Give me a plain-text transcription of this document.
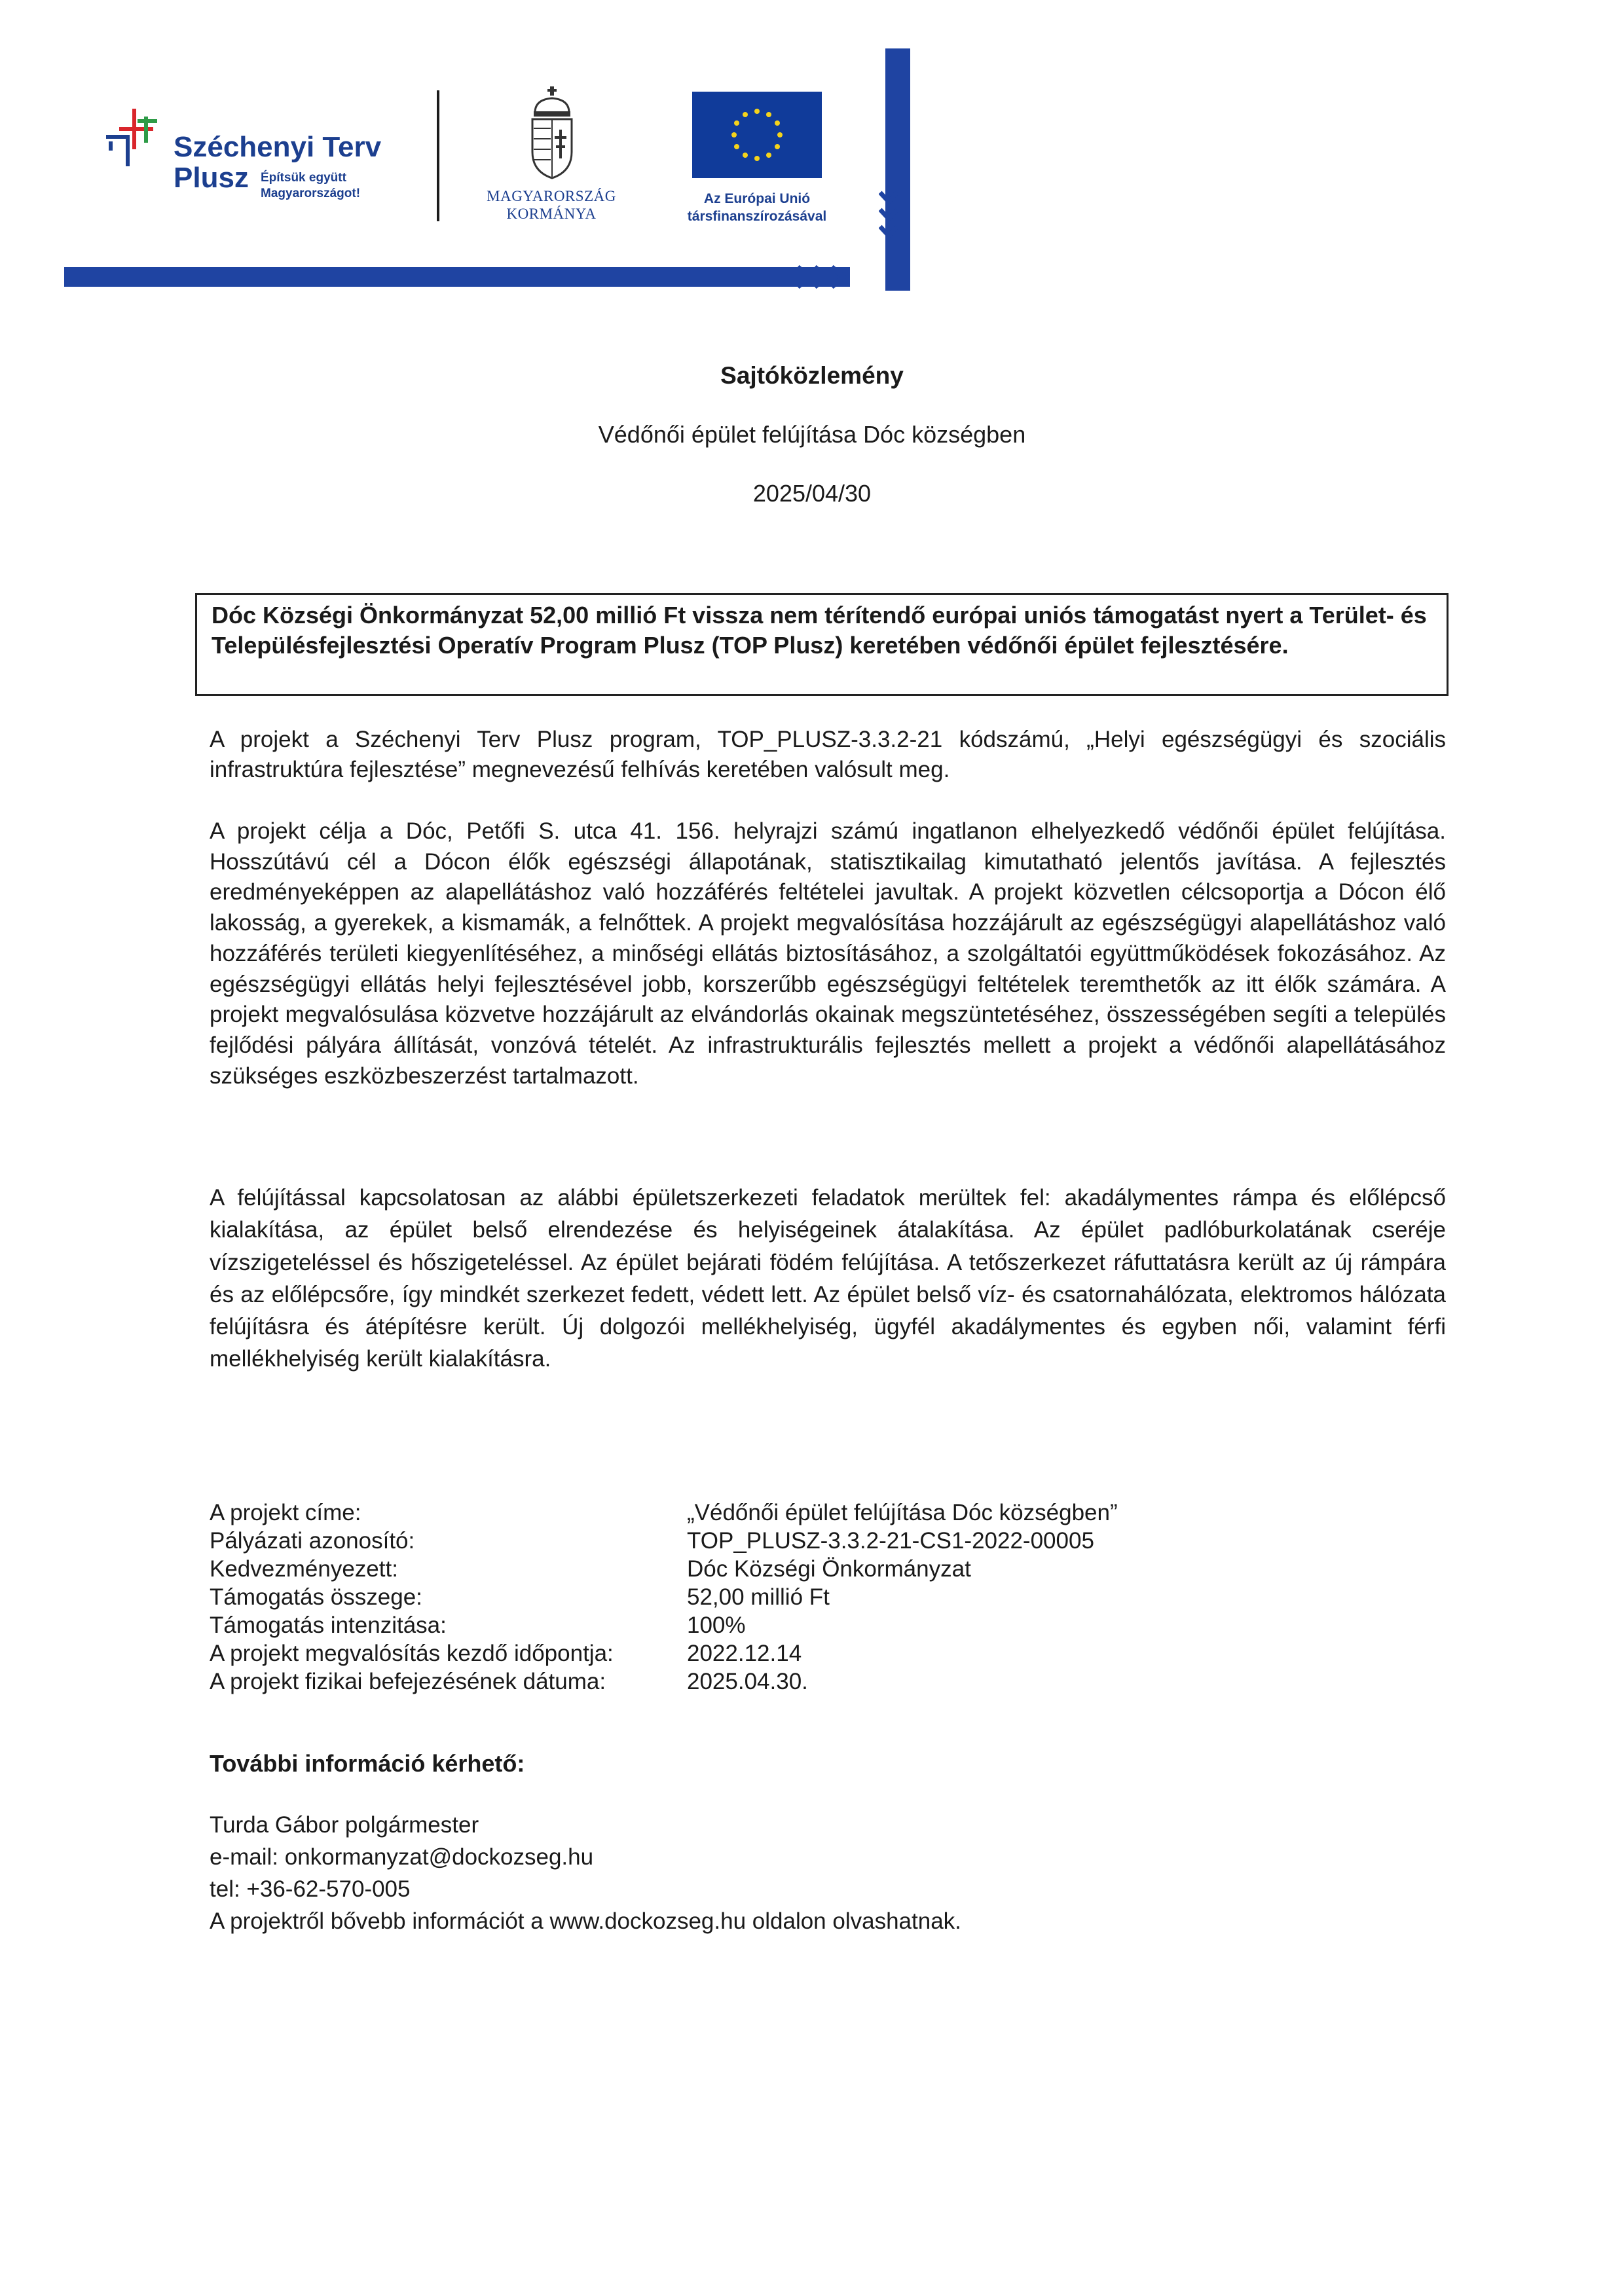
Széchenyi Terv
Plusz Építsük együtt
Magyarországot!	MAGYARORSZÁG
KORMÁNYA
Az Európai Unió
társfinanszírozásával
Sajtóközlemény
Védőnői épület felújítása Dóc községben
2025/04/30
Dóc Községi Önkormányzat 52,00 millió Ft vissza nem térítendő európai uniós támogatást nyert a Terület- és Településfejlesztési Operatív Program Plusz (TOP Plusz) keretében védőnői épület fejlesztésére.
A projekt a Széchenyi Terv Plusz program, TOP_PLUSZ-3.3.2-21 kódszámú, „Helyi egészségügyi és szociális infrastruktúra fejlesztése” megnevezésű felhívás keretében valósult meg.
A projekt célja a Dóc, Petőfi S. utca 41. 156. helyrajzi számú ingatlanon elhelyezkedő védőnői épület felújítása. Hosszútávú cél a Dócon élők egészségi állapotának, statisztikailag kimutatható jelentős javítása. A fejlesztés eredményeképpen az alapellátáshoz való hozzáférés feltételei javultak. A projekt közvetlen célcsoportja a Dócon élő lakosság, a gyerekek, a kismamák, a felnőttek. A projekt megvalósítása hozzájárult az egészségügyi alapellátáshoz való hozzáférés területi kiegyenlítéséhez, a minőségi ellátás biztosításához, a szolgáltatói együttműködések fokozásához. Az egészségügyi ellátás helyi fejlesztésével jobb, korszerűbb egészségügyi feltételek teremthetők az itt élők számára. A projekt megvalósulása közvetve hozzájárult az elvándorlás okainak megszüntetéséhez, összességében segíti a település fejlődési pályára állítását, vonzóvá tételét. Az infrastrukturális fejlesztés mellett a projekt a védőnői alapellátásához szükséges eszközbeszerzést tartalmazott.
A felújítással kapcsolatosan az alábbi épületszerkezeti feladatok merültek fel: akadálymentes rámpa és előlépcső kialakítása, az épület belső elrendezése és helyiségeinek átalakítása. Az épület padlóburkolatának cseréje vízszigeteléssel és hőszigeteléssel. Az épület bejárati födém felújítása. A tetőszerkezet ráfuttatásra került az új rámpára és az előlépcsőre, így mindkét szerkezet fedett, védett lett. Az épület belső víz- és csatornahálózata, elektromos hálózata felújításra és átépítésre került. Új dolgozói mellékhelyiség, ügyfél akadálymentes és egyben női, valamint férfi mellékhelyiség került kialakításra.
A projekt címe:	„Védőnői épület felújítása Dóc községben”
Pályázati azonosító:	TOP_PLUSZ-3.3.2-21-CS1-2022-00005
Kedvezményezett:	Dóc Községi Önkormányzat
Támogatás összege:	52,00 millió Ft
Támogatás intenzitása:	100%
A projekt megvalósítás kezdő időpontja:	2022.12.14
A projekt fizikai befejezésének dátuma:	2025.04.30.
További információ kérhető:
Turda Gábor polgármester
e-mail: onkormanyzat@dockozseg.hu
tel: +36-62-570-005
A projektről bővebb információt a www.dockozseg.hu oldalon olvashatnak.
